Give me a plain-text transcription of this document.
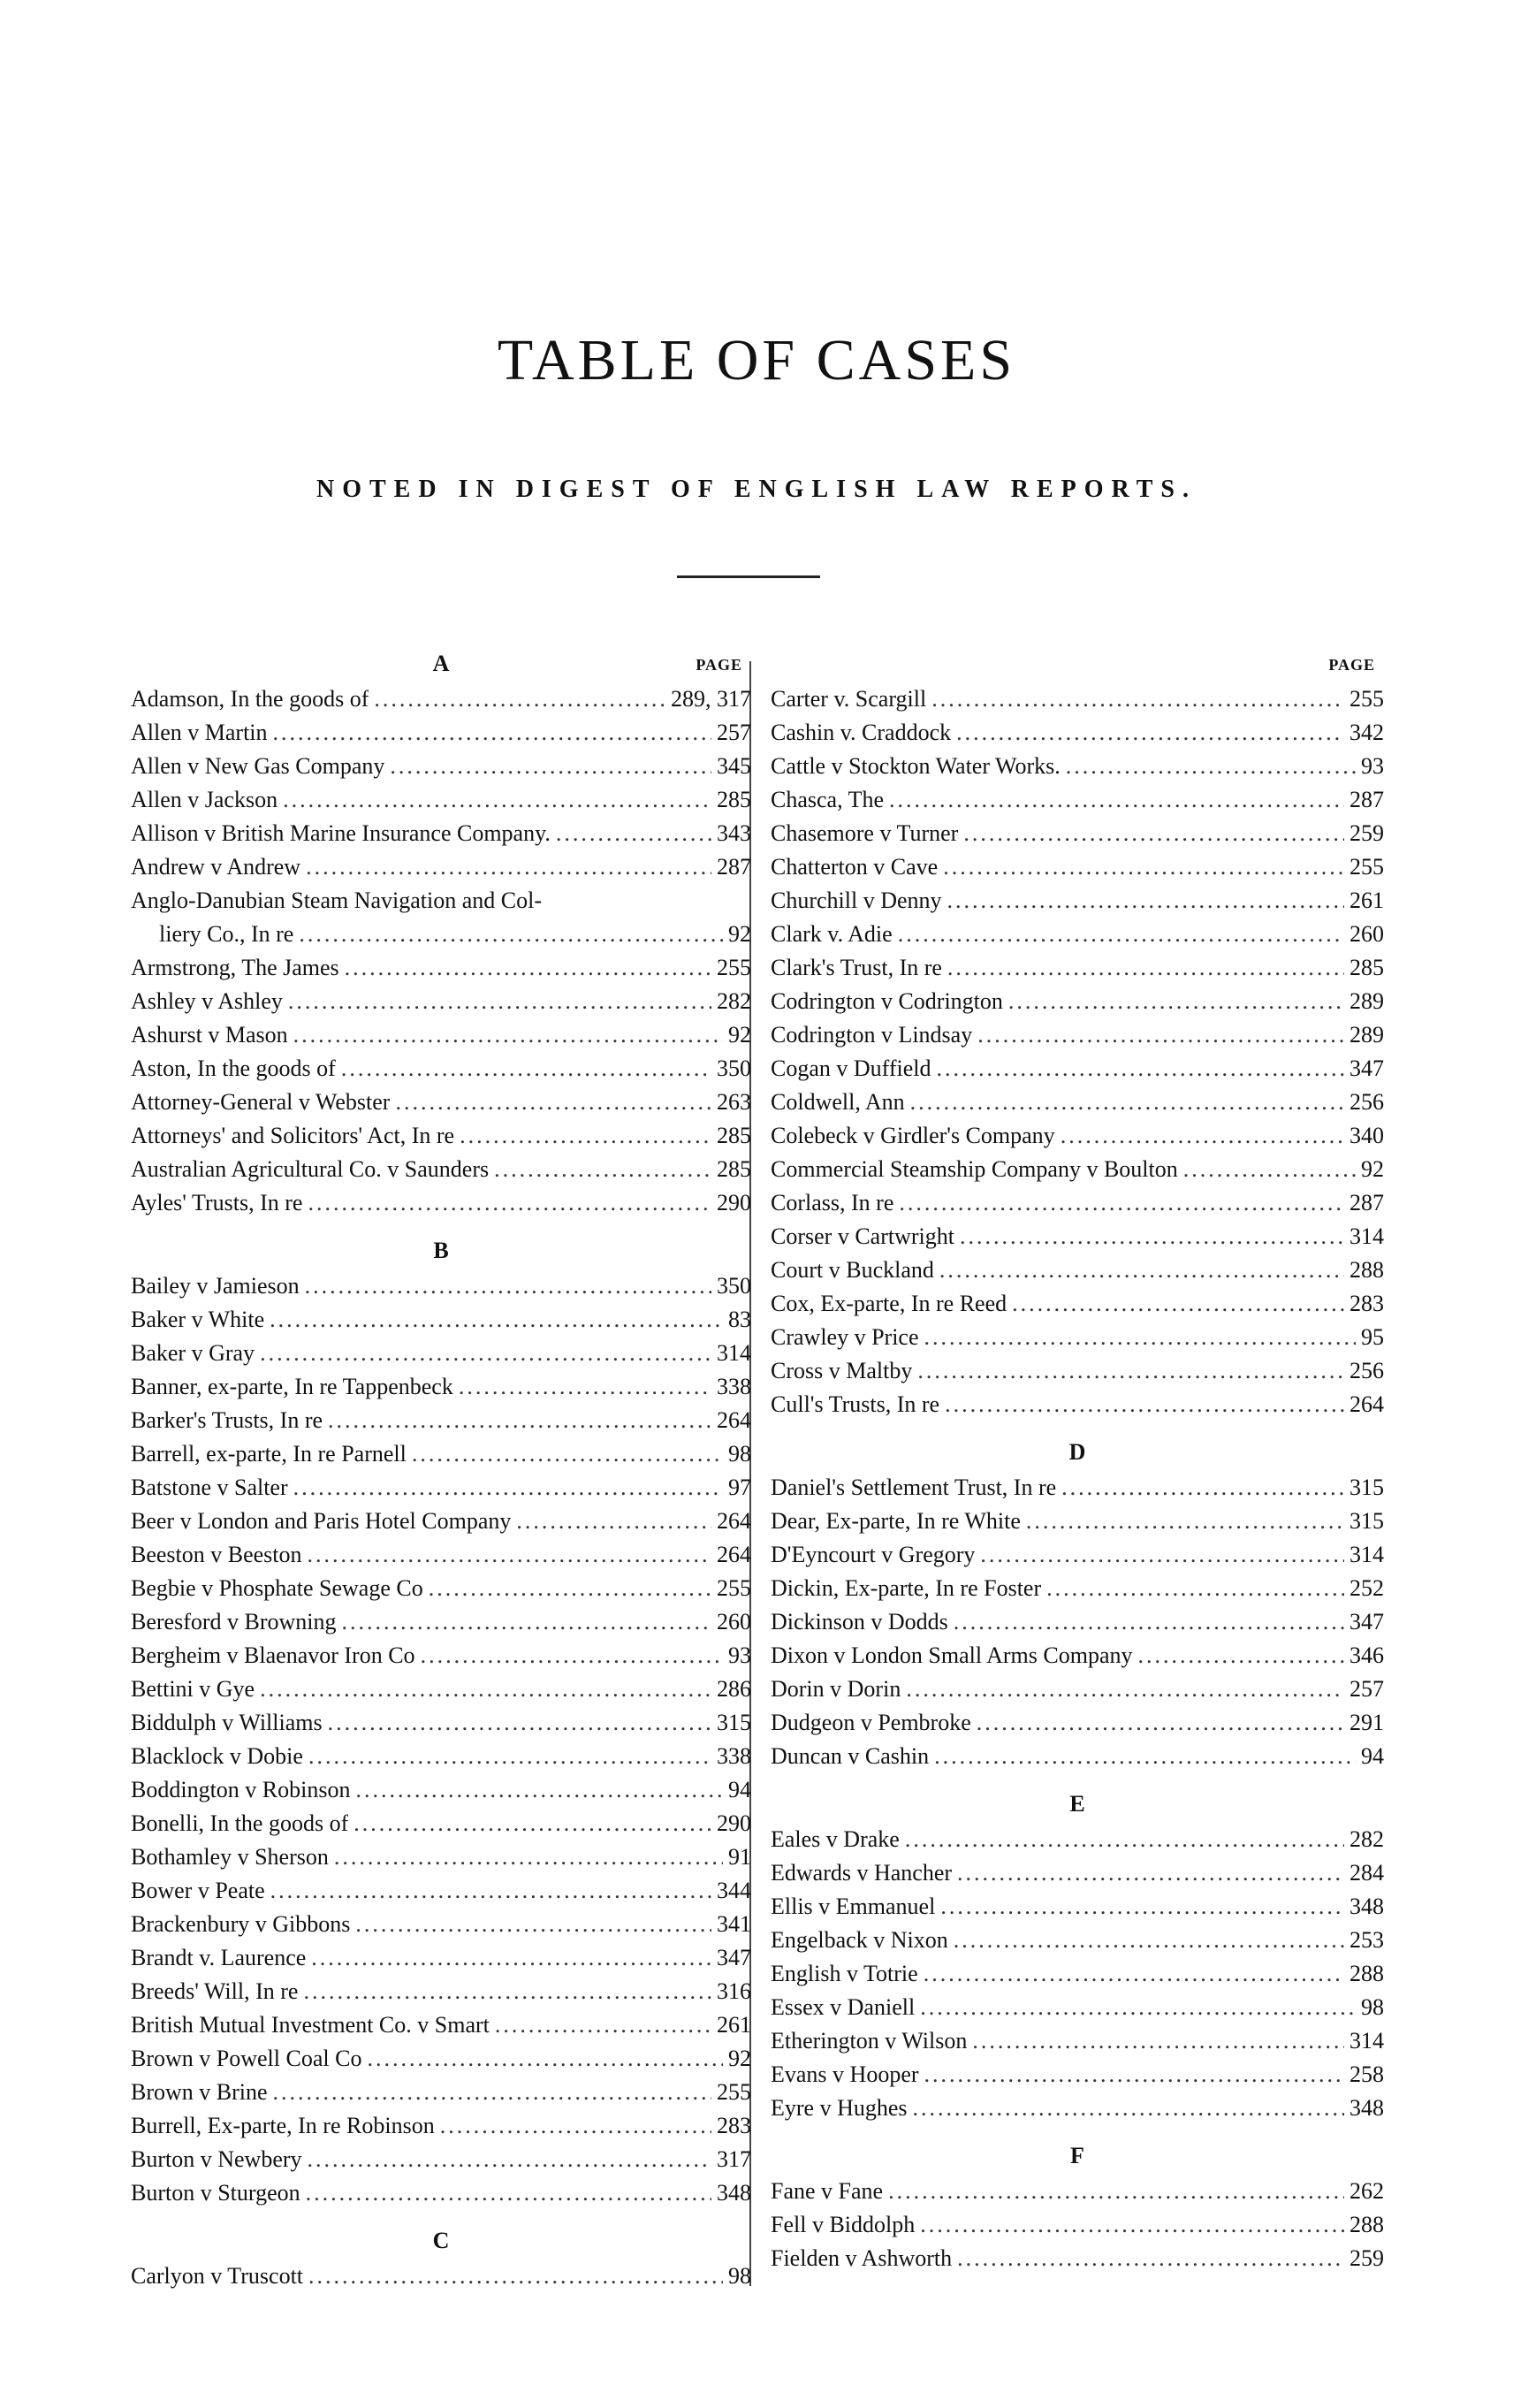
TABLE OF CASES
NOTED IN DIGEST OF ENGLISH LAW REPORTS.
A	PAGE
Adamson, In the goods of .....	289, 317
Allen v Martin .....	257
Allen v New Gas Company .....	345
Allen v Jackson .....	285
Allison v British Marine Insurance Company. .....	343
Andrew v Andrew .....	287
Anglo-Danubian Steam Navigation and Col-
liery Co., In re .....	92
Armstrong, The James .....	255
Ashley v Ashley .....	282
Ashurst v Mason .....	92
Aston, In the goods of .....	350
Attorney-General v Webster .....	263
Attorneys' and Solicitors' Act, In re .....	285
Australian Agricultural Co. v Saunders .....	285
Ayles' Trusts, In re .....	290
B
Bailey v Jamieson .....	350
Baker v White .....	83
Baker v Gray .....	314
Banner, ex-parte, In re Tappenbeck .....	338
Barker's Trusts, In re .....	264
Barrell, ex-parte, In re Parnell .....	98
Batstone v Salter .....	97
Beer v London and Paris Hotel Company .....	264
Beeston v Beeston .....	264
Begbie v Phosphate Sewage Co .....	255
Beresford v Browning .....	260
Bergheim v Blaenavor Iron Co .....	93
Bettini v Gye .....	286
Biddulph v Williams .....	315
Blacklock v Dobie .....	338
Boddington v Robinson .....	94
Bonelli, In the goods of .....	290
Bothamley v Sherson .....	91
Bower v Peate .....	344
Brackenbury v Gibbons .....	341
Brandt v. Laurence .....	347
Breeds' Will, In re .....	316
British Mutual Investment Co. v Smart .....	261
Brown v Powell Coal Co .....	92
Brown v Brine .....	255
Burrell, Ex-parte, In re Robinson .....	283
Burton v Newbery .....	317
Burton v Sturgeon .....	348
C
Carlyon v Truscott .....	98
PAGE
Carter v. Scargill .....	255
Cashin v. Craddock .....	342
Cattle v Stockton Water Works. .....	93
Chasca, The .....	287
Chasemore v Turner .....	259
Chatterton v Cave .....	255
Churchill v Denny .....	261
Clark v. Adie .....	260
Clark's Trust, In re .....	285
Codrington v Codrington .....	289
Codrington v Lindsay .....	289
Cogan v Duffield .....	347
Coldwell, Ann .....	256
Colebeck v Girdler's Company .....	340
Commercial Steamship Company v Boulton .....	92
Corlass, In re .....	287
Corser v Cartwright .....	314
Court v Buckland .....	288
Cox, Ex-parte, In re Reed .....	283
Crawley v Price .....	95
Cross v Maltby .....	256
Cull's Trusts, In re .....	264
D
Daniel's Settlement Trust, In re .....	315
Dear, Ex-parte, In re White .....	315
D'Eyncourt v Gregory .....	314
Dickin, Ex-parte, In re Foster .....	252
Dickinson v Dodds .....	347
Dixon v London Small Arms Company .....	346
Dorin v Dorin .....	257
Dudgeon v Pembroke .....	291
Duncan v Cashin .....	94
E
Eales v Drake .....	282
Edwards v Hancher .....	284
Ellis v Emmanuel .....	348
Engelback v Nixon .....	253
English v Totrie .....	288
Essex v Daniell .....	98
Etherington v Wilson .....	314
Evans v Hooper .....	258
Eyre v Hughes .....	348
F
Fane v Fane .....	262
Fell v Biddolph .....	288
Fielden v Ashworth .....	259
